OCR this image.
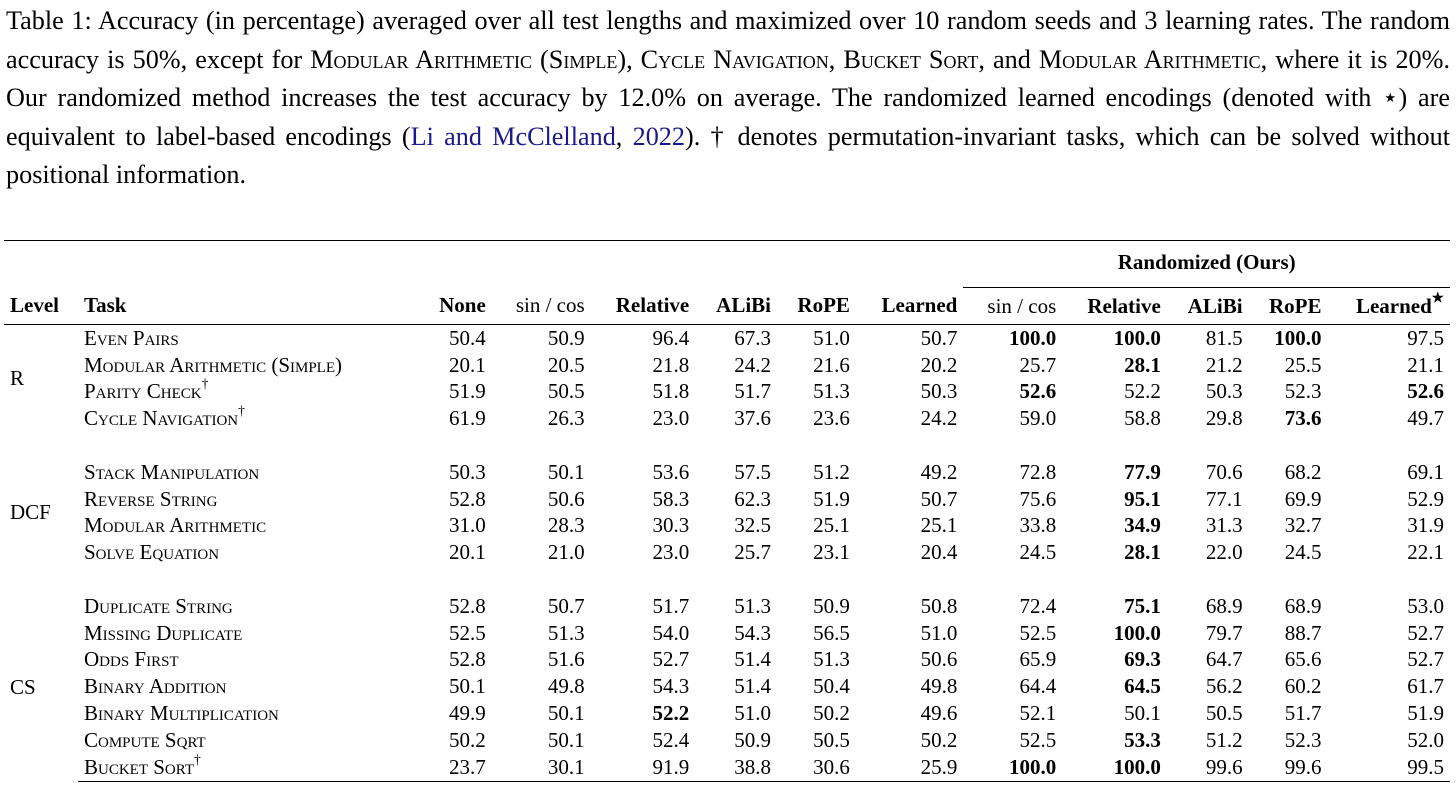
Table 1: Accuracy (in percentage) averaged over all test lengths and maximized over 10 random seeds and 3 learning rates. The random accuracy is 50%, except for Modular Arithmetic (Simple), Cycle Navigation, Bucket Sort, and Modular Arithmetic, where it is 20%. Our randomized method increases the test accuracy by 12.0% on average. The randomized learned encodings (denoted with ⋆) are equivalent to label-based encodings (Li and McClelland, 2022). † denotes permutation-invariant tasks, which can be solved without positional information.
								Randomized (Ours)				
Level	Task	None	sin / cos	Relative	ALiBi	RoPE	Learned	sin / cos	Relative	ALiBi	RoPE	Learned★
R	Even Pairs	50.4	50.9	96.4	67.3	51.0	50.7	100.0	100.0	81.5	100.0	97.5
	Modular Arithmetic (Simple)	20.1	20.5	21.8	24.2	21.6	20.2	25.7	28.1	21.2	25.5	21.1
	Parity Check†	51.9	50.5	51.8	51.7	51.3	50.3	52.6	52.2	50.3	52.3	52.6
	Cycle Navigation†	61.9	26.3	23.0	37.6	23.6	24.2	59.0	58.8	29.8	73.6	49.7

DCF	Stack Manipulation	50.3	50.1	53.6	57.5	51.2	49.2	72.8	77.9	70.6	68.2	69.1
	Reverse String	52.8	50.6	58.3	62.3	51.9	50.7	75.6	95.1	77.1	69.9	52.9
	Modular Arithmetic	31.0	28.3	30.3	32.5	25.1	25.1	33.8	34.9	31.3	32.7	31.9
	Solve Equation	20.1	21.0	23.0	25.7	23.1	20.4	24.5	28.1	22.0	24.5	22.1

CS	Duplicate String	52.8	50.7	51.7	51.3	50.9	50.8	72.4	75.1	68.9	68.9	53.0
	Missing Duplicate	52.5	51.3	54.0	54.3	56.5	51.0	52.5	100.0	79.7	88.7	52.7
	Odds First	52.8	51.6	52.7	51.4	51.3	50.6	65.9	69.3	64.7	65.6	52.7
	Binary Addition	50.1	49.8	54.3	51.4	50.4	49.8	64.4	64.5	56.2	60.2	61.7
	Binary Multiplication	49.9	50.1	52.2	51.0	50.2	49.6	52.1	50.1	50.5	51.7	51.9
	Compute Sqrt	50.2	50.1	52.4	50.9	50.5	50.2	52.5	53.3	51.2	52.3	52.0
	Bucket Sort†	23.7	30.1	91.9	38.8	30.6	25.9	100.0	100.0	99.6	99.6	99.5
